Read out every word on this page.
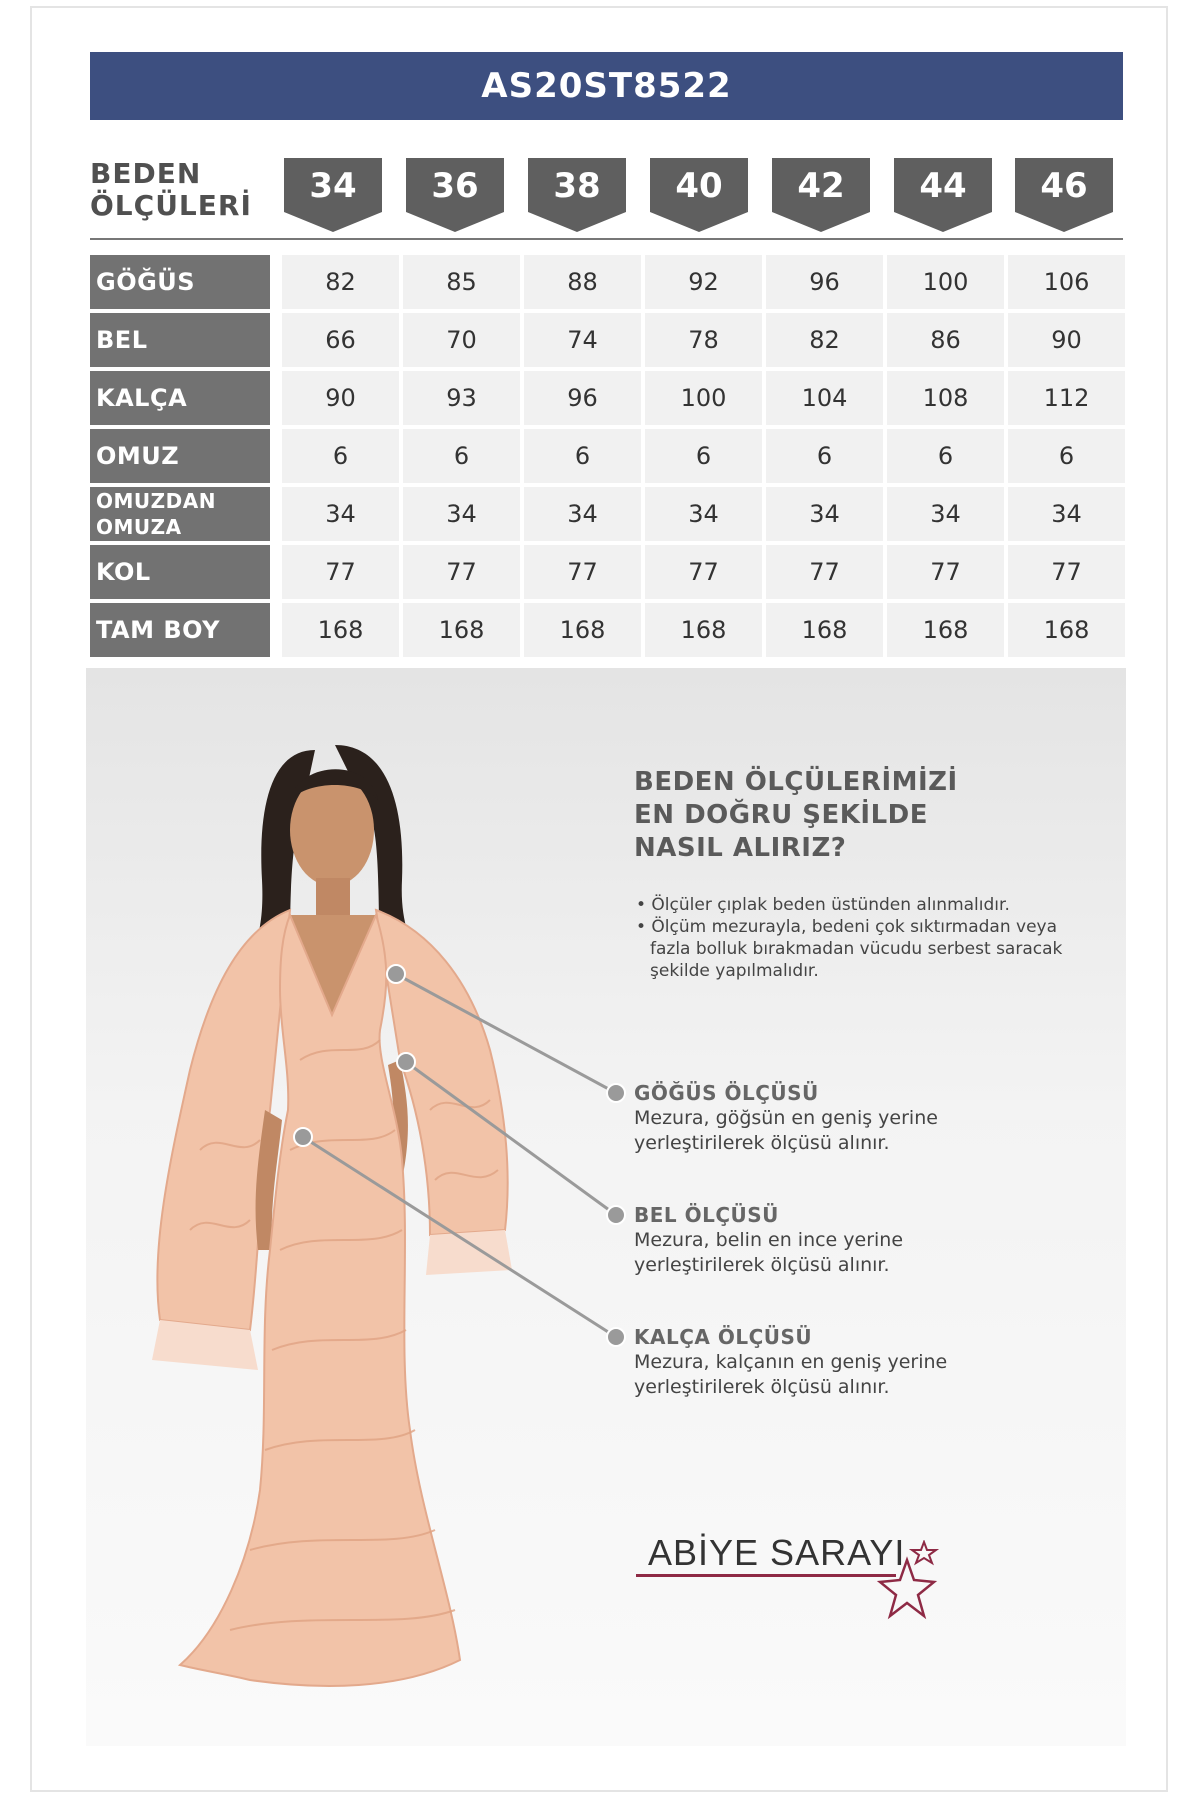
AS20ST8522
BEDEN
ÖLÇÜLERİ	34	36	38	40	42	44	46
GÖĞÜS	82	85	88	92	96	100	106
BEL	66	70	74	78	82	86	90
KALÇA	90	93	96	100	104	108	112
OMUZ	6	6	6	6	6	6	6
OMUZDAN
OMUZA	34	34	34	34	34	34	34
KOL	77	77	77	77	77	77	77
TAM BOY	168	168	168	168	168	168	168
BEDEN ÖLÇÜLERİMİZİ
EN DOĞRU ŞEKİLDE
NASIL ALIRIZ?
• Ölçüler çıplak beden üstünden alınmalıdır.
• Ölçüm mezurayla, bedeni çok sıktırmadan veya fazla bolluk bırakmadan vücudu serbest saracak şekilde yapılmalıdır.
GÖĞÜS ÖLÇÜSÜ
Mezura, göğsün en geniş yerine
yerleştirilerek ölçüsü alınır.
BEL ÖLÇÜSÜ
Mezura, belin en ince yerine
yerleştirilerek ölçüsü alınır.
KALÇA ÖLÇÜSÜ
Mezura, kalçanın en geniş yerine
yerleştirilerek ölçüsü alınır.
ABİYE SARAYI
